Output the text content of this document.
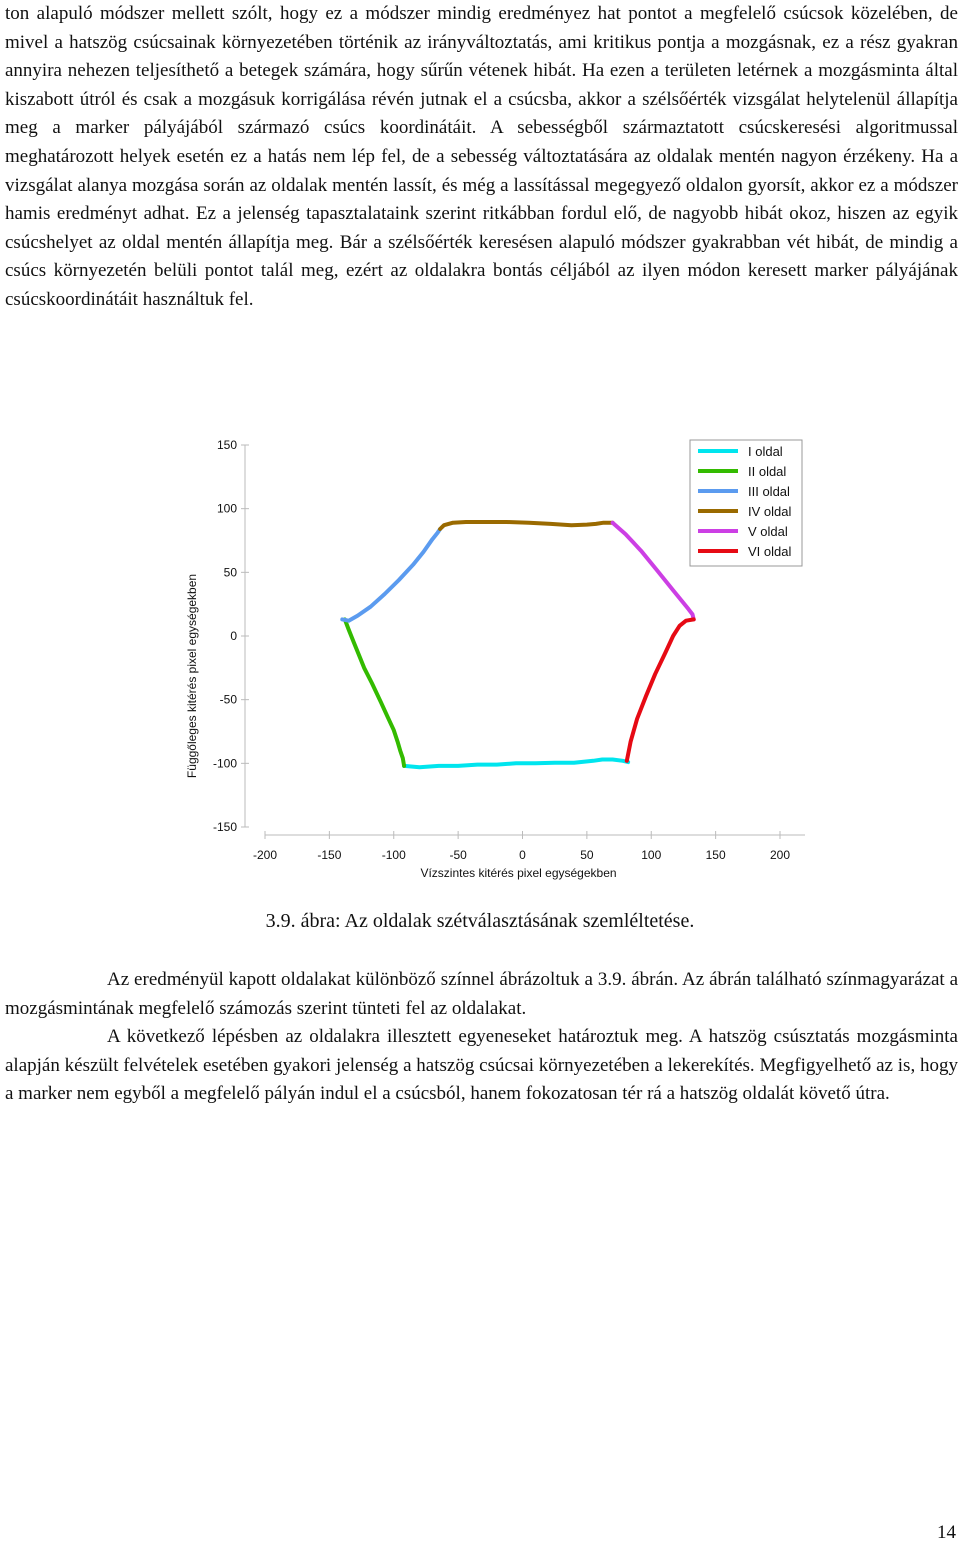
ton alapuló módszer mellett szólt, hogy ez a módszer mindig eredményez hat pontot a megfelelő csúcsok közelében, de mivel a hatszög csúcsainak környezetében történik az irányváltoztatás, ami kritikus pontja a mozgásnak, ez a rész gyakran annyira nehezen teljesíthető a betegek számára, hogy sűrűn vétenek hibát. Ha ezen a területen letérnek a mozgásminta által kiszabott útról és csak a mozgásuk korrigálása révén jutnak el a csúcsba, akkor a szélsőérték vizsgálat helytelenül állapítja meg a marker pályájából származó csúcs koordinátáit. A sebességből származtatott csúcskeresési algoritmussal meghatározott helyek esetén ez a hatás nem lép fel, de a sebesség változtatására az oldalak mentén nagyon érzékeny. Ha a vizsgálat alanya mozgása során az oldalak mentén lassít, és még a lassítással megegyező oldalon gyorsít, akkor ez a módszer hamis eredményt adhat. Ez a jelenség tapasztalataink szerint ritkábban fordul elő, de nagyobb hibát okoz, hiszen az egyik csúcshelyet az oldal mentén állapítja meg. Bár a szélsőérték keresésen alapuló módszer gyakrabban vét hibát, de mindig a csúcs környezetén belüli pontot talál meg, ezért az oldalakra bontás céljából az ilyen módon keresett marker pályájának csúcskoordinátáit használtuk fel.

150
100
50
0
-50
-100
-150
-200	-150	-100	-50	0	50	100	150	200
Vízszintes kitérés pixel egységekben
Függőleges kitérés pixel egységekben
I oldal
II oldal
III oldal
IV oldal
V oldal
VI oldal
3.9. ábra: Az oldalak szétválasztásának szemléltetése.

Az eredményül kapott oldalakat különböző színnel ábrázoltuk a 3.9. ábrán. Az ábrán található színmagyarázat a mozgásmintának megfelelő számozás szerint tünteti fel az oldalakat.

A következő lépésben az oldalakra illesztett egyeneseket határoztuk meg. A hatszög csúsztatás mozgásminta alapján készült felvételek esetében gyakori jelenség a hatszög csúcsai környezetében a lekerekítés. Megfigyelhető az is, hogy a marker nem egyből a megfelelő pályán indul el a csúcsból, hanem fokozatosan tér rá a hatszög oldalát követő útra.

14
